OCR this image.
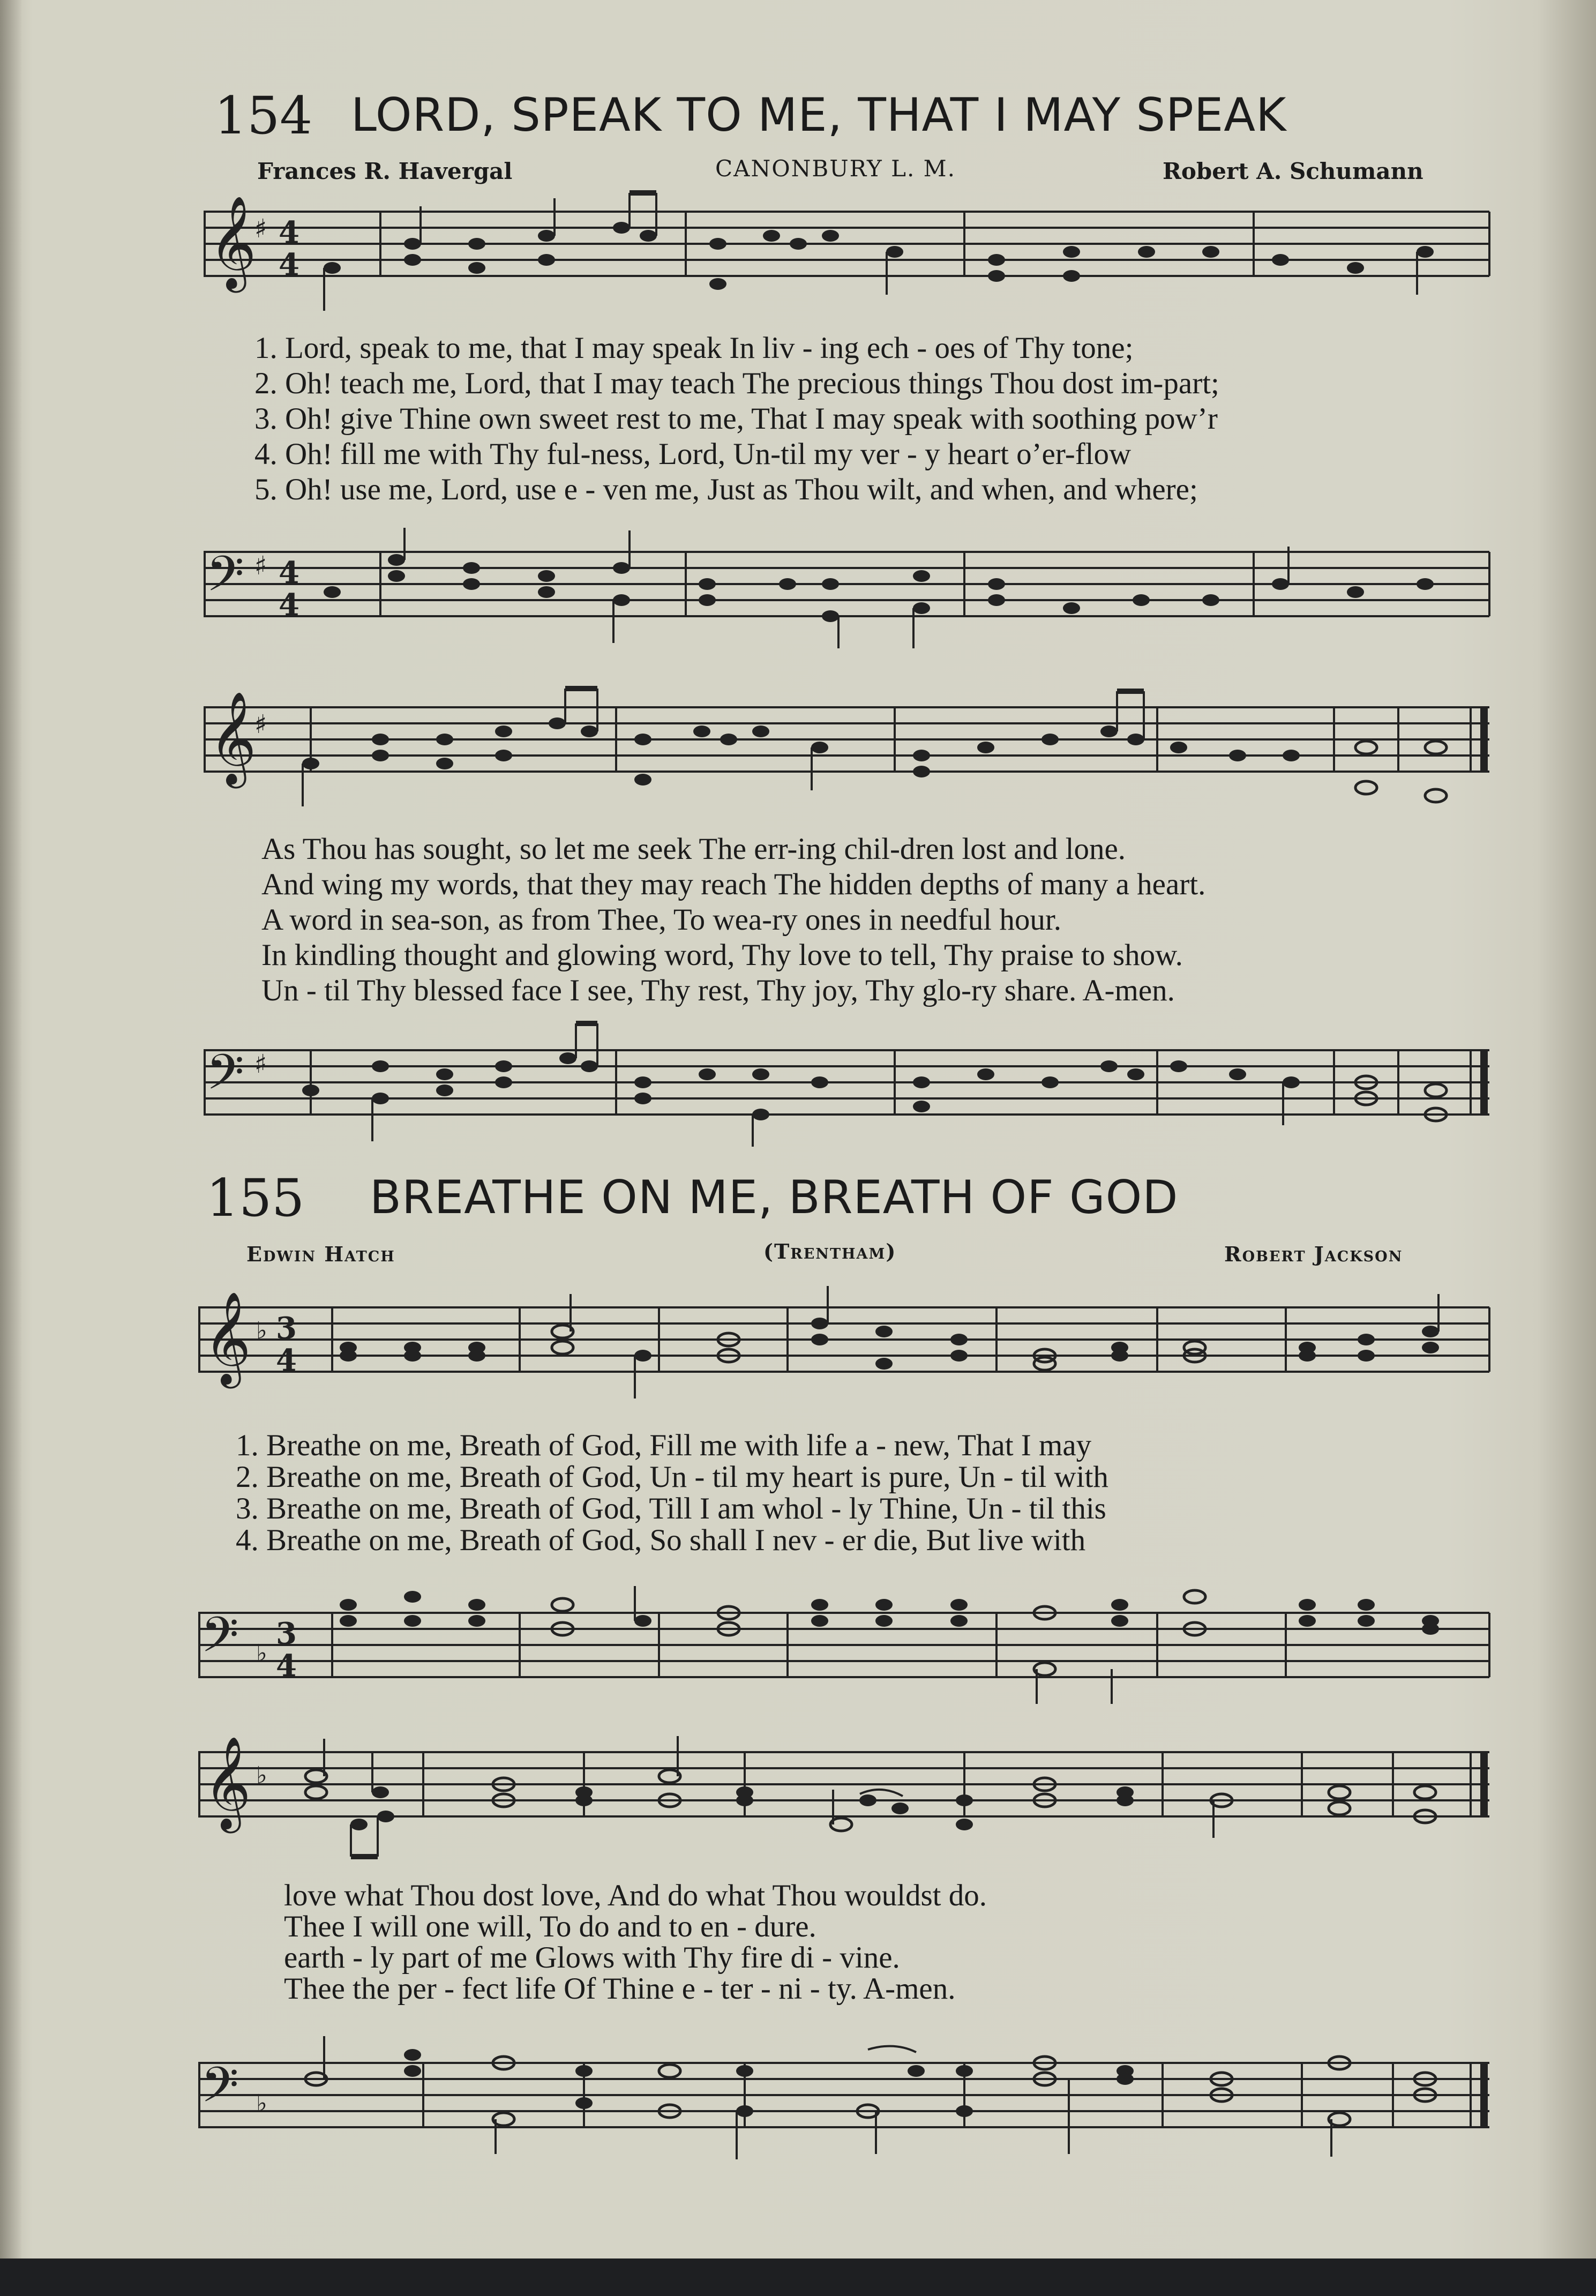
154 LORD, SPEAK TO ME, THAT I MAY SPEAK
Frances R. Havergal	CANONBURY L. M.	Robert A. Schumann
𝄞
♯ 4
4
1. Lord, speak to me, that I may speak In liv - ing ech - oes of Thy tone;
2. Oh! teach me, Lord, that I may teach The precious things Thou dost im-part;
3. Oh! give Thine own sweet rest to me, That I may speak with soothing pow’r
4. Oh! fill me with Thy ful-ness, Lord, Un-til my ver - y heart o’er-flow
5. Oh! use me, Lord, use e - ven me, Just as Thou wilt, and when, and where;
𝄢 ♯ 4
4
𝄞
♯
As Thou has sought, so let me seek The err-ing chil-dren lost and lone.
And wing my words, that they may reach The hidden depths of many a heart.
A word in sea-son, as from Thee, To wea-ry ones in needful hour.
In kindling thought and glowing word, Thy love to tell, Thy praise to show.
Un - til Thy blessed face I see, Thy rest, Thy joy, Thy glo-ry share. A-men.
𝄢 ♯
155 BREATHE ON ME, BREATH OF GOD
Edwin Hatch	(Trentham)	Robert Jackson
𝄞 ♭ 3
4
1. Breathe on me, Breath of God, Fill me with life a - new, That I may
2. Breathe on me, Breath of God, Un - til my heart is pure, Un - til with
3. Breathe on me, Breath of God, Till I am whol - ly Thine, Un - til this
4. Breathe on me, Breath of God, So shall I nev - er die, But live with
𝄢 ♭
3
4
𝄞 ♭
love what Thou dost love, And do what Thou wouldst do.
Thee I will one will, To do and to en - dure.
earth - ly part of me Glows with Thy fire di - vine.
Thee the per - fect life Of Thine e - ter - ni - ty. A-men.
𝄢 ♭
